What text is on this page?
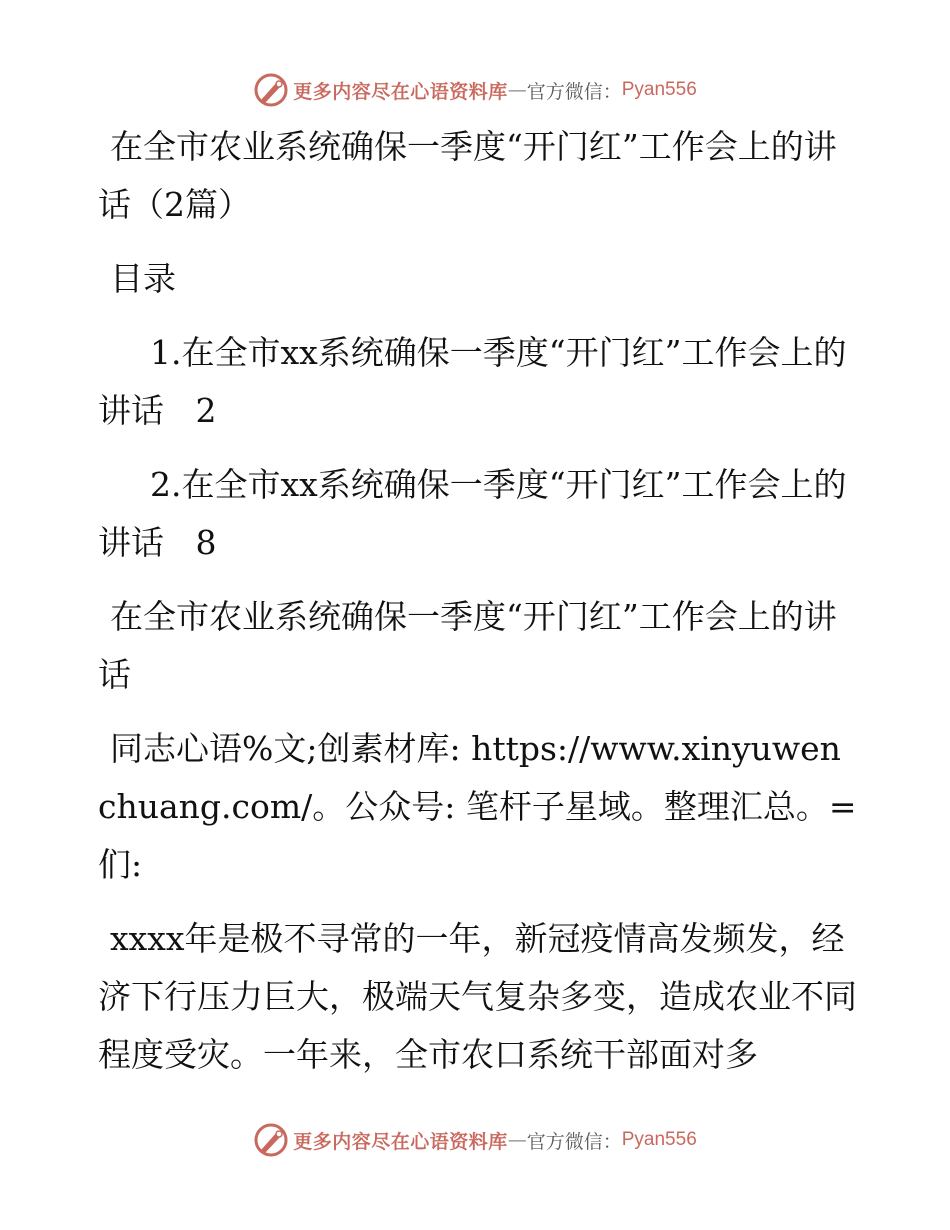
更多内容尽在心语资料库 — 官方微信： Pyan556

在全市农业系统确保一季度“开门红”工作会上的讲话（2篇）

目录

1.在全市xx系统确保一季度“开门红”工作会上的讲话 2

2.在全市xx系统确保一季度“开门红”工作会上的讲话 8

在全市农业系统确保一季度“开门红”工作会上的讲话

同志心语%文;创素材库: https://www.xinyuwenchuang.com/。公众号: 笔杆子星域。整理汇总。=们:

xxxx年是极不寻常的一年，新冠疫情高发频发，经济下行压力巨大，极端天气复杂多变，造成农业不同程度受灾。一年来，全市农口系统干部面对多

更多内容尽在心语资料库 — 官方微信： Pyan556
